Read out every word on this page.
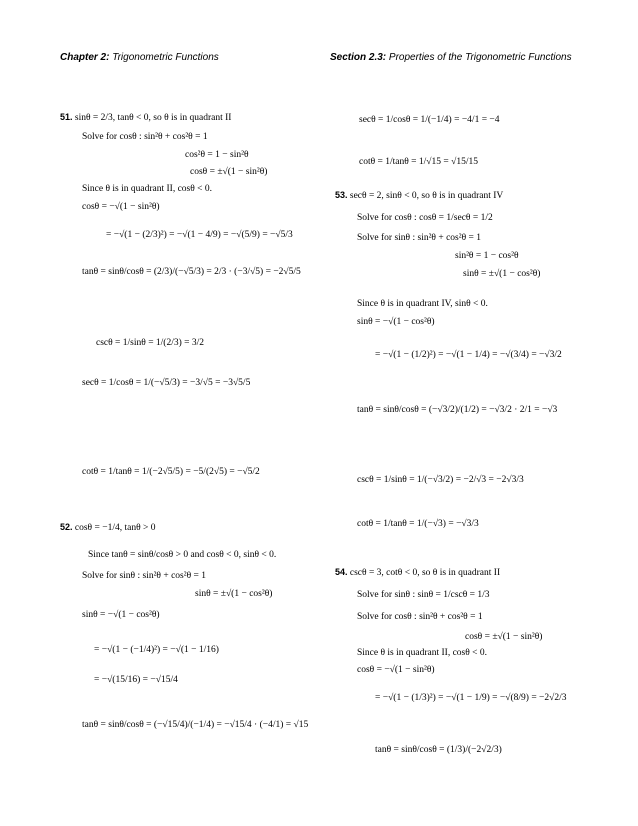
Chapter 2: Trigonometric Functions	Section 2.3: Properties of the Trigonometric Functions
51. sinθ = 2/3, tanθ < 0, so θ is in quadrant II
Solve for cosθ : sin²θ + cos²θ = 1
cos²θ = 1 − sin²θ
cosθ = ±√(1 − sin²θ)
Since θ is in quadrant II, cosθ < 0.
cosθ = −√(1 − sin²θ)
= −√(1 − (2/3)²) = −√(1 − 4/9) = −√(5/9) = −√5/3
tanθ = sinθ/cosθ = (2/3)/(−√5/3) = 2/3 · (−3/√5) = −2√5/5
cscθ = 1/sinθ = 1/(2/3) = 3/2
secθ = 1/cosθ = 1/(−√5/3) = −3/√5 = −3√5/5
cotθ = 1/tanθ = 1/(−2√5/5) = −5/(2√5) = −√5/2
52. cosθ = −1/4, tanθ > 0
Since tanθ = sinθ/cosθ > 0 and cosθ < 0, sinθ < 0.
Solve for sinθ : sin²θ + cos²θ = 1
sinθ = ±√(1 − cos²θ)
sinθ = −√(1 − cos²θ)
= −√(1 − (−1/4)²) = −√(1 − 1/16)
= −√(15/16) = −√15/4
tanθ = sinθ/cosθ = (−√15/4)/(−1/4) = −√15/4 · (−4/1) = √15
secθ = 1/cosθ = 1/(−1/4) = −4/1 = −4
cotθ = 1/tanθ = 1/√15 = √15/15
53. secθ = 2, sinθ < 0, so θ is in quadrant IV
Solve for cosθ : cosθ = 1/secθ = 1/2
Solve for sinθ : sin²θ + cos²θ = 1
sin²θ = 1 − cos²θ
sinθ = ±√(1 − cos²θ)
Since θ is in quadrant IV, sinθ < 0.
sinθ = −√(1 − cos²θ)
= −√(1 − (1/2)²) = −√(1 − 1/4) = −√(3/4) = −√3/2
tanθ = sinθ/cosθ = (−√3/2)/(1/2) = −√3/2 · 2/1 = −√3
cscθ = 1/sinθ = 1/(−√3/2) = −2/√3 = −2√3/3
cotθ = 1/tanθ = 1/(−√3) = −√3/3
54. cscθ = 3, cotθ < 0, so θ is in quadrant II
Solve for sinθ : sinθ = 1/cscθ = 1/3
Solve for cosθ : sin²θ + cos²θ = 1
cosθ = ±√(1 − sin²θ)
Since θ is in quadrant II, cosθ < 0.
cosθ = −√(1 − sin²θ)
= −√(1 − (1/3)²) = −√(1 − 1/9) = −√(8/9) = −2√2/3
tanθ = sinθ/cosθ = (1/3)/(−2√2/3)
